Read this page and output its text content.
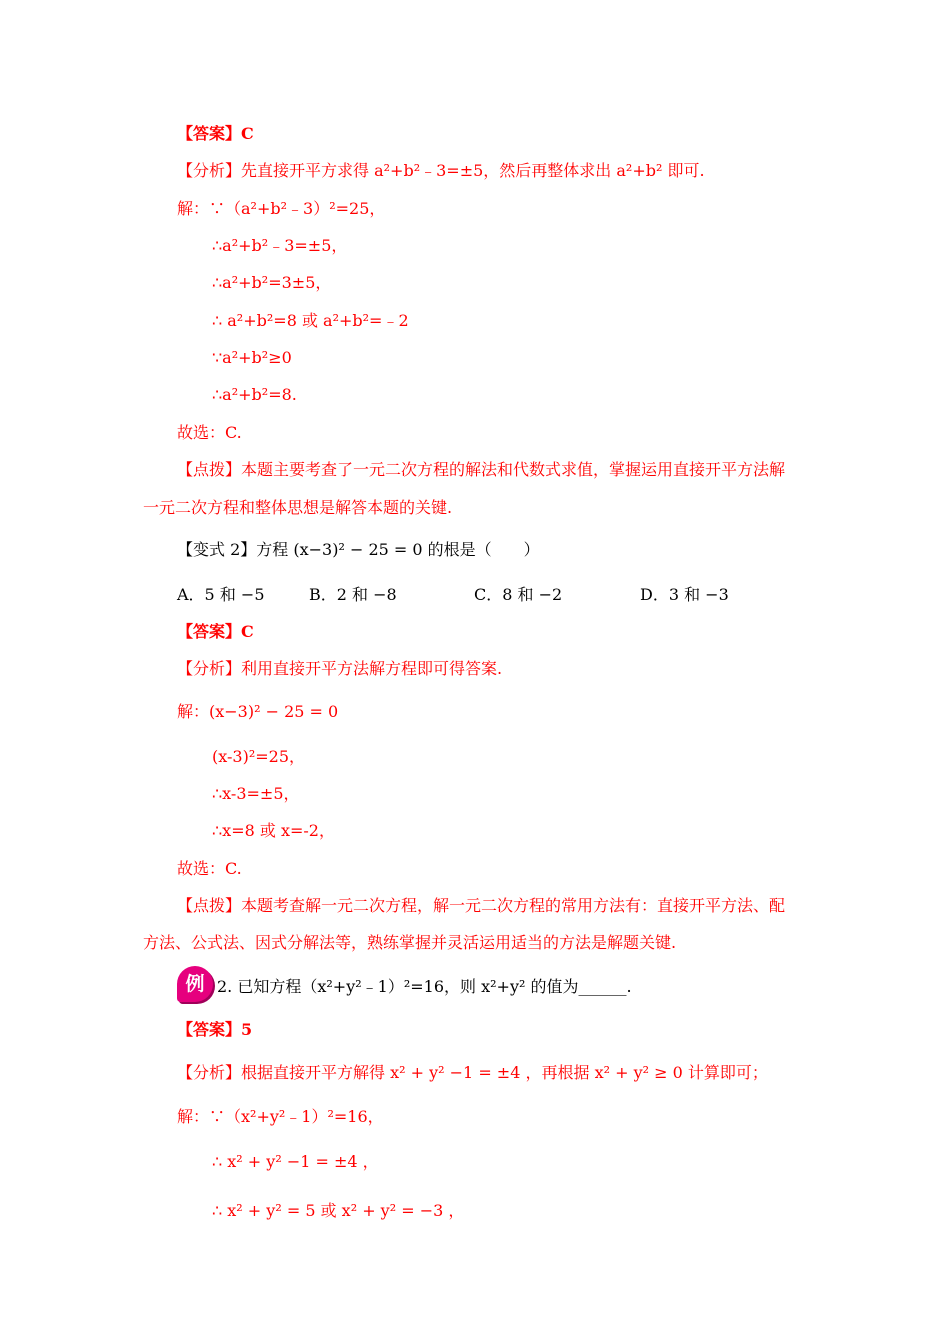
【答案】C
【分析】先直接开平方求得 a²+b²﹣3=±5，然后再整体求出 a²+b² 即可.
解：∵（a²+b²﹣3）²=25，
∴a²+b²﹣3=±5，
∴a²+b²=3±5，
∴ a²+b²=8 或 a²+b²=﹣2
∵a²+b²≥0
∴a²+b²=8.
故选：C.
【点拨】本题主要考查了一元二次方程的解法和代数式求值，掌握运用直接开平方法解
一元二次方程和整体思想是解答本题的关键.
【变式 2】方程 (x−3)² − 25 = 0 的根是（　　）
A．5 和 −5	B．2 和 −8	C．8 和 −2	D．3 和 −3
【答案】C
【分析】利用直接开平方法解方程即可得答案.
解：(x−3)² − 25 = 0
(x-3)²=25，
∴x-3=±5，
∴x=8 或 x=-2，
故选：C.
【点拨】本题考查解一元二次方程，解一元二次方程的常用方法有：直接开平方法、配
方法、公式法、因式分解法等，熟练掌握并灵活运用适当的方法是解题关键.
例 2. 已知方程（x²+y²﹣1）²=16，则 x²+y² 的值为______.
【答案】5
【分析】根据直接开平方解得 x² + y² −1 = ±4 ，再根据 x² + y² ≥ 0 计算即可；
解：∵（x²+y²﹣1）²=16，
∴ x² + y² −1 = ±4 ，
∴ x² + y² = 5 或 x² + y² = −3 ，
